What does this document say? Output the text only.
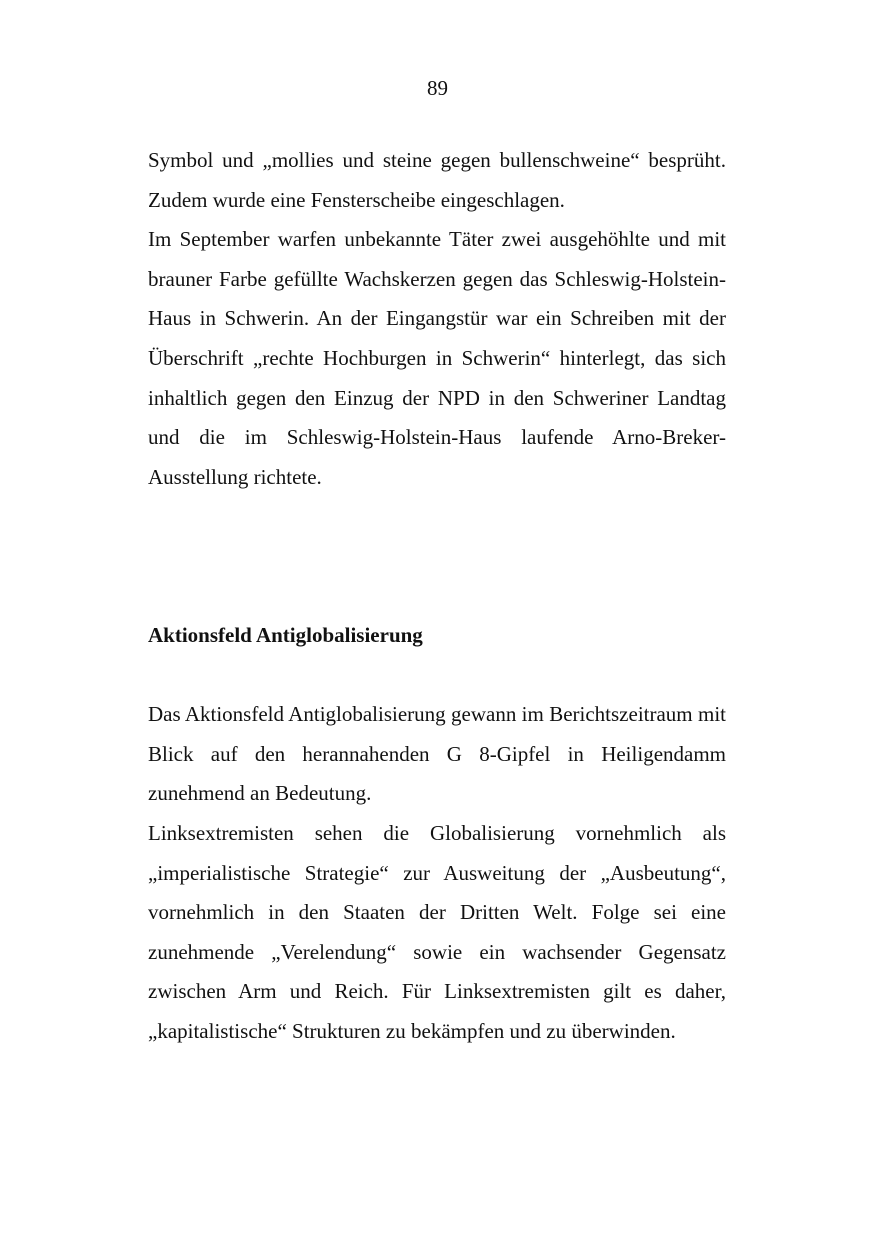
89

Symbol und „mollies und steine gegen bullenschweine“ besprüht. Zudem wurde eine Fensterscheibe eingeschlagen.

Im September warfen unbekannte Täter zwei ausgehöhlte und mit brauner Farbe gefüllte Wachskerzen gegen das Schleswig-Holstein-Haus in Schwerin. An der Eingangstür war ein Schreiben mit der Überschrift „rechte Hochburgen in Schwerin“ hinterlegt, das sich inhaltlich gegen den Einzug der NPD in den Schweriner Landtag und die im Schleswig-Holstein-Haus laufende Arno-Breker-Ausstellung richtete.

Aktionsfeld Antiglobalisierung

Das Aktionsfeld Antiglobalisierung gewann im Berichtszeitraum mit Blick auf den herannahenden G 8-Gipfel in Heiligendamm zunehmend an Bedeutung.

Linksextremisten sehen die Globalisierung vornehmlich als „imperialistische Strategie“ zur Ausweitung der „Ausbeutung“, vornehmlich in den Staaten der Dritten Welt. Folge sei eine zunehmende „Verelendung“ sowie ein wachsender Gegensatz zwischen Arm und Reich. Für Linksextremisten gilt es daher, „kapitalistische“ Strukturen zu bekämpfen und zu überwinden.
